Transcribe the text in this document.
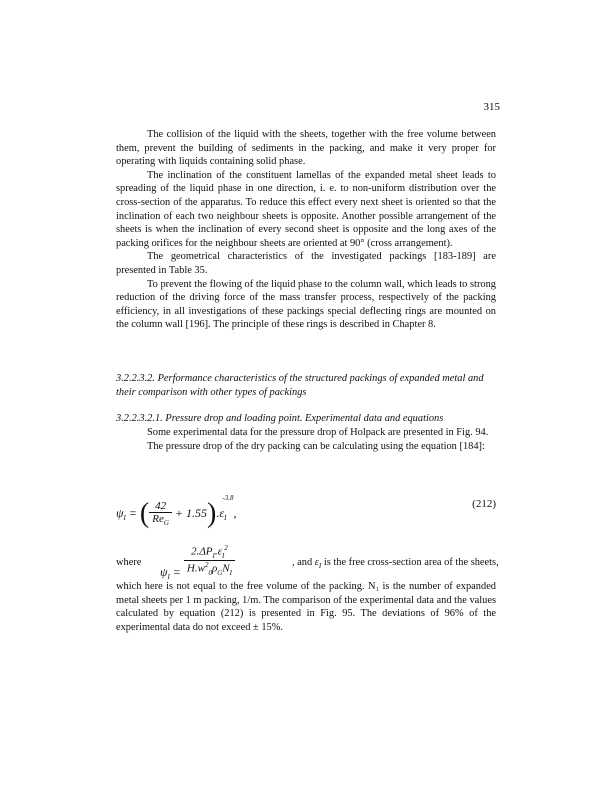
315

The collision of the liquid with the sheets, together with the free volume between them, prevent the building of sediments in the packing, and make it very proper for operating with liquids containing solid phase.

The inclination of the constituent lamellas of the expanded metal sheet leads to spreading of the liquid phase in one direction, i. e. to non-uniform distribution over the cross-section of the apparatus. To reduce this effect every next sheet is oriented so that the inclination of each two neighbour sheets is opposite. Another possible arrangement of the sheets is when the inclination of every second sheet is opposite and the long axes of the packing orifices for the neighbour sheets are oriented at 90° (cross arrangement).

The geometrical characteristics of the investigated packings [183-189] are presented in Table 35.

To prevent the flowing of the liquid phase to the column wall, which leads to strong reduction of the driving force of the mass transfer process, respectively of the packing efficiency, in all investigations of these packings special deflecting rings are mounted on the column wall [196]. The principle of these rings is described in Chapter 8.

3.2.2.3.2. Performance characteristics of the structured packings of expanded metal and their comparison with other types of packings
3.2.2.3.2.1. Pressure drop and loading point. Experimental data and equations

Some experimental data for the pressure drop of Holpack are presented in Fig. 94.

The pressure drop of the dry packing can be calculating using the equation [184]:

$\psi_I$ = ( $\frac{42}{Re_G} + 1.55).\varepsilon_I^{-3.8}$,
(212)
where
$\psi_I = \frac{2.\Delta P_I.\varepsilon_I^2}{H.w^2_0\rho_GN_I}$	, and $\varepsilon_I$ is the free cross-section area of the sheets,

which here is not equal to the free volume of the packing. N₁ is the number of expanded metal sheets per 1 m packing, 1/m. The comparison of the experimental data and the values calculated by equation (212) is presented in Fig. 95. The deviations of 96% of the experimental data do not exceed ± 15%.
